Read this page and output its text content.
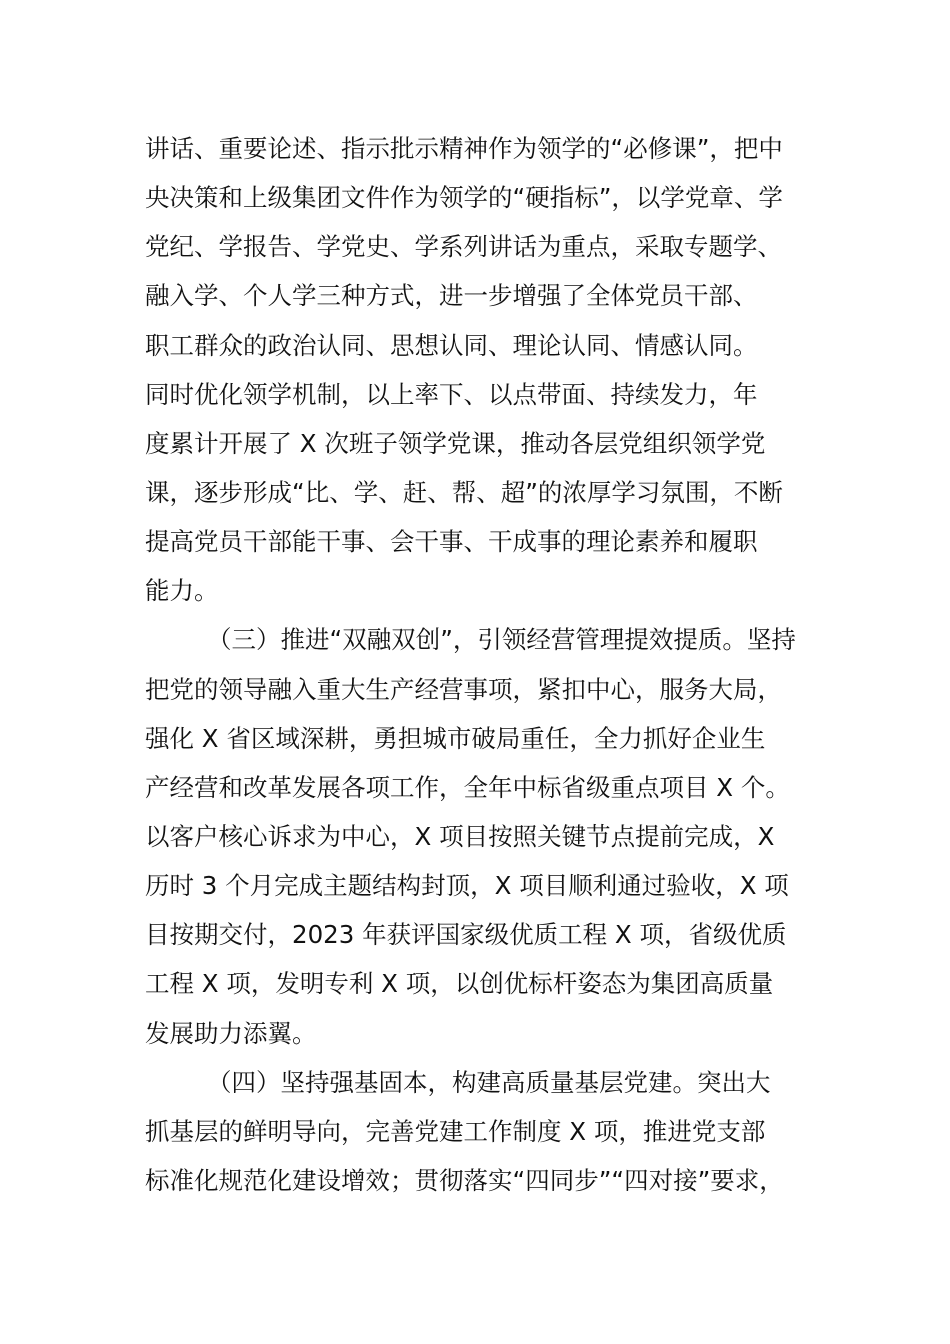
讲话、重要论述、指示批示精神作为领学的“必修课”，把中
央决策和上级集团文件作为领学的“硬指标”，以学党章、学
党纪、学报告、学党史、学系列讲话为重点，采取专题学、
融入学、个人学三种方式，进一步增强了全体党员干部、
职工群众的政治认同、思想认同、理论认同、情感认同。
同时优化领学机制，以上率下、以点带面、持续发力，年
度累计开展了 X 次班子领学党课，推动各层党组织领学党
课，逐步形成“比、学、赶、帮、超”的浓厚学习氛围，不断
提高党员干部能干事、会干事、干成事的理论素养和履职
能力。
（三）推进“双融双创”，引领经营管理提效提质。坚持
把党的领导融入重大生产经营事项，紧扣中心，服务大局，
强化 X 省区域深耕，勇担城市破局重任，全力抓好企业生
产经营和改革发展各项工作，全年中标省级重点项目 X 个。
以客户核心诉求为中心，X 项目按照关键节点提前完成，X
历时 3 个月完成主题结构封顶，X 项目顺利通过验收，X 项
目按期交付，2023 年获评国家级优质工程 X 项，省级优质
工程 X 项，发明专利 X 项，以创优标杆姿态为集团高质量
发展助力添翼。
（四）坚持强基固本，构建高质量基层党建。突出大
抓基层的鲜明导向，完善党建工作制度 X 项，推进党支部
标准化规范化建设增效；贯彻落实“四同步”“四对接”要求，
